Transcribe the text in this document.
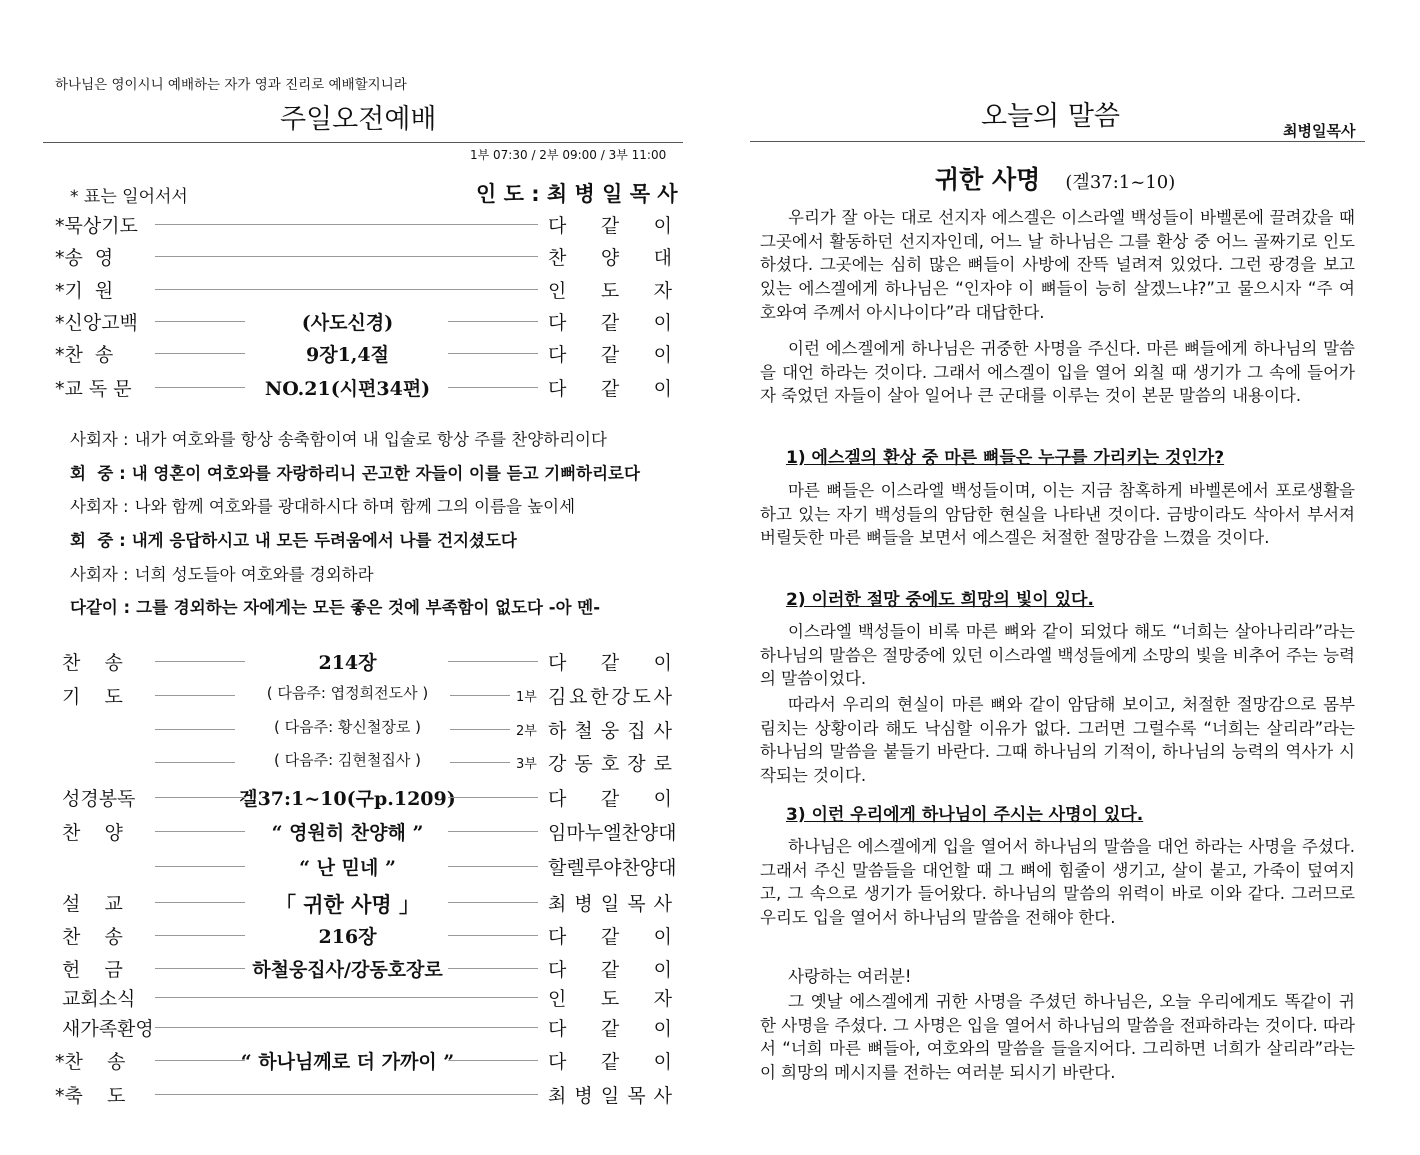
하나님은 영이시니 예배하는 자가 영과 진리로 예배할지니라
주일오전예배
1부 07:30 / 2부 09:00 / 3부 11:00
* 표는 일어서서	인 도 : 최 병 일 목 사
*묵상기도	다 같 이
*송  영	찬 양 대
*기  원	인 도 자
*신앙고백	(사도신경)	다 같 이
*찬  송	9장1,4절	다 같 이
*교 독 문	NO.21(시편34편)	다 같 이
사회자 : 내가 여호와를 항상 송축함이여 내 입술로 항상 주를 찬양하리이다
회  중 : 내 영혼이 여호와를 자랑하리니 곤고한 자들이 이를 듣고 기뻐하리로다
사회자 : 나와 함께 여호와를 광대하시다 하며 함께 그의 이름을 높이세
회  중 : 내게 응답하시고 내 모든 두려움에서 나를 건지셨도다
사회자 : 너희 성도들아 여호와를 경외하라
다같이 : 그를 경외하는 자에게는 모든 좋은 것에 부족함이 없도다 -아 멘-
찬    송	214장	다 같 이
기    도	( 다음주: 엽정희전도사 )	1부 김 요 한 강 도 사
( 다음주: 황신철장로 )	2부 하 철 웅 집 사
( 다음주: 김현철집사 )	3부 강 동 호 장 로
성경봉독	겔37:1~10(구p.1209)	다 같 이
찬    양	“ 영원히 찬양해 ”	임 마 누 엘 찬 양 대
“ 난 믿네 ”	할 렐 루 야 찬 양 대
설    교	「 귀한 사명 」	최 병 일 목 사
찬    송	216장	다 같 이
헌    금	하철웅집사/강동호장로	다 같 이
교회소식	인 도 자
새가족환영	다 같 이
*찬    송	“ 하나님께로 더 가까이 ”	다 같 이
*축    도	최 병 일 목 사
오늘의 말씀	최병일목사
귀한 사명 (겔37:1~10)

우리가 잘 아는 대로 선지자 에스겔은 이스라엘 백성들이 바벨론에 끌려갔을 때 그곳에서 활동하던 선지자인데, 어느 날 하나님은 그를 환상 중 어느 골짜기로 인도하셨다. 그곳에는 심히 많은 뼈들이 사방에 잔뜩 널려져 있었다. 그런 광경을 보고 있는 에스겔에게 하나님은 “인자야 이 뼈들이 능히 살겠느냐?”고 물으시자 “주 여호와여 주께서 아시나이다”라 대답한다.

이런 에스겔에게 하나님은 귀중한 사명을 주신다. 마른 뼈들에게 하나님의 말씀을 대언 하라는 것이다. 그래서 에스겔이 입을 열어 외칠 때 생기가 그 속에 들어가자 죽었던 자들이 살아 일어나 큰 군대를 이루는 것이 본문 말씀의 내용이다.

1) 에스겔의 환상 중 마른 뼈들은 누구를 가리키는 것인가?

마른 뼈들은 이스라엘 백성들이며, 이는 지금 참혹하게 바벨론에서 포로생활을 하고 있는 자기 백성들의 암담한 현실을 나타낸 것이다. 금방이라도 삭아서 부서져 버릴듯한 마른 뼈들을 보면서 에스겔은 처절한 절망감을 느꼈을 것이다.

2) 이러한 절망 중에도 희망의 빛이 있다.

이스라엘 백성들이 비록 마른 뼈와 같이 되었다 해도 “너희는 살아나리라”라는 하나님의 말씀은 절망중에 있던 이스라엘 백성들에게 소망의 빛을 비추어 주는 능력의 말씀이었다.

따라서 우리의 현실이 마른 뼈와 같이 암담해 보이고, 처절한 절망감으로 몸부림치는 상황이라 해도 낙심할 이유가 없다. 그러면 그럴수록 “너희는 살리라”라는 하나님의 말씀을 붙들기 바란다. 그때 하나님의 기적이, 하나님의 능력의 역사가 시작되는 것이다.

3) 이런 우리에게 하나님이 주시는 사명이 있다.

하나님은 에스겔에게 입을 열어서 하나님의 말씀을 대언 하라는 사명을 주셨다. 그래서 주신 말씀들을 대언할 때 그 뼈에 힘줄이 생기고, 살이 붙고, 가죽이 덮여지고, 그 속으로 생기가 들어왔다. 하나님의 말씀의 위력이 바로 이와 같다. 그러므로 우리도 입을 열어서 하나님의 말씀을 전해야 한다.

사랑하는 여러분!

그 옛날 에스겔에게 귀한 사명을 주셨던 하나님은, 오늘 우리에게도 똑같이 귀한 사명을 주셨다. 그 사명은 입을 열어서 하나님의 말씀을 전파하라는 것이다. 따라서 “너희 마른 뼈들아, 여호와의 말씀을 들을지어다. 그리하면 너희가 살리라”라는 이 희망의 메시지를 전하는 여러분 되시기 바란다.
